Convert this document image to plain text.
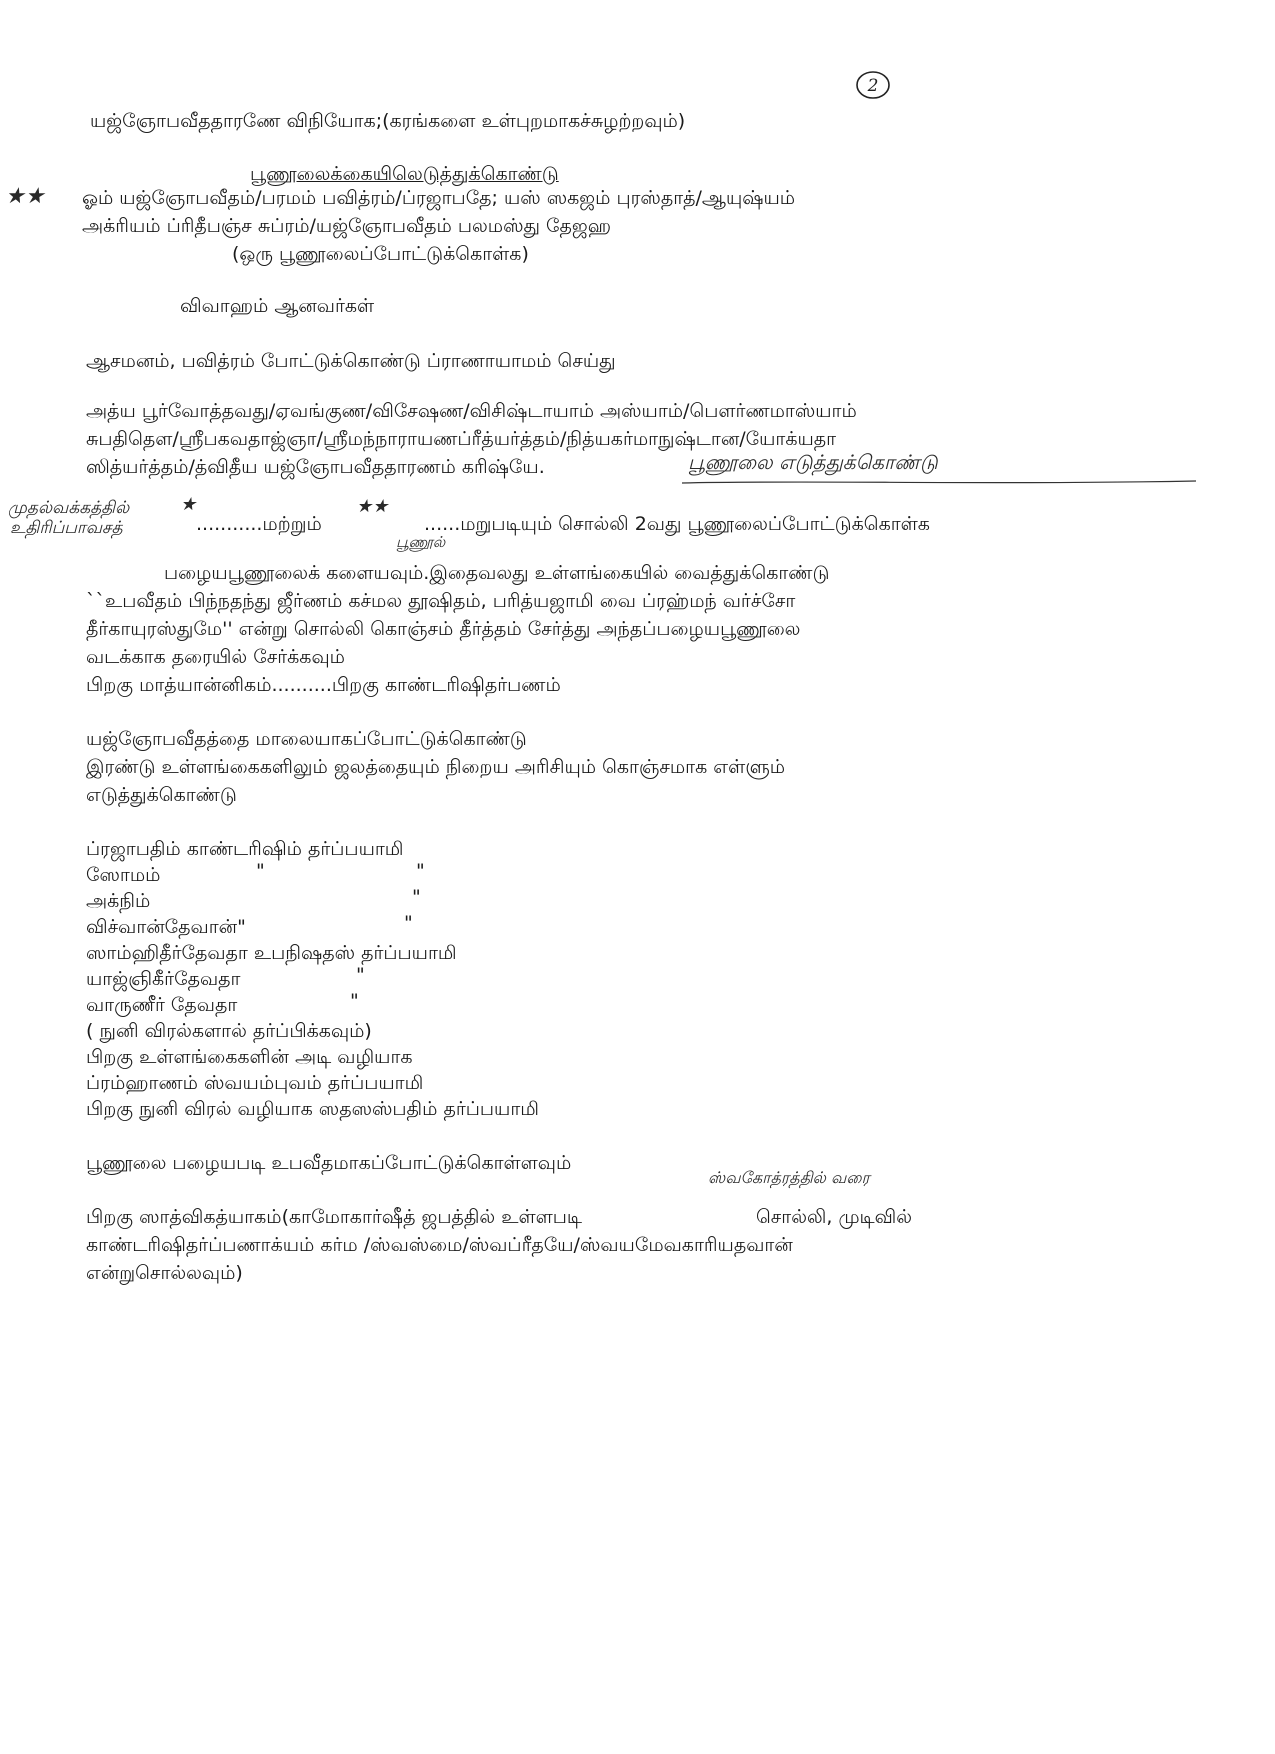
2
யஜ்ஞோபவீததாரணே விநியோக;(கரங்களை உள்புறமாகச்சுழற்றவும்)
பூணூலைக்கையிலெடுத்துக்கொண்டு
★★ ஓம் யஜ்ஞோபவீதம்/பரமம் பவித்ரம்/ப்ரஜாபதே; யஸ் ஸகஜம் புரஸ்தாத்/ஆயுஷ்யம்
அக்ரியம் ப்ரிதீபஞ்ச சுப்ரம்/யஜ்ஞோபவீதம் பலமஸ்து தேஜஹ
(ஒரு பூணூலைப்போட்டுக்கொள்க)
விவாஹம் ஆனவர்கள்
ஆசமனம், பவித்ரம் போட்டுக்கொண்டு ப்ராணாயாமம் செய்து
அத்ய பூர்வோத்தவது/ஏவங்குண/விசேஷண/விசிஷ்டாயாம் அஸ்யாம்/பௌர்ணமாஸ்யாம்
சுபதிதௌ/ஸ்ரீபகவதாஜ்ஞா/ஸ்ரீமந்நாராயணப்ரீத்யர்த்தம்/நித்யகர்மாநுஷ்டான/யோக்யதா
ஸித்யர்த்தம்/த்விதீய யஜ்ஞோபவீததாரணம் கரிஷ்யே.	பூணூலை எடுத்துக்கொண்டு
முதல்வக்கத்தில்	★
உதிரிப்பாவசத்	...........மற்றும்
★★
பூணூல்
......மறுபடியும் சொல்லி 2வது பூணூலைப்போட்டுக்கொள்க
பழையபூணூலைக் களையவும்.இதைவலது உள்ளங்கையில் வைத்துக்கொண்டு
``உபவீதம் பிந்நதந்து ஜீர்ணம் கச்மல தூஷிதம், பரித்யஜாமி வை ப்ரஹ்மந் வர்ச்சோ
தீர்காயுரஸ்துமே'' என்று சொல்லி கொஞ்சம் தீர்த்தம் சேர்த்து அந்தப்பழையபூணூலை
வடக்காக தரையில் சேர்க்கவும்
பிறகு மாத்யான்னிகம்..........பிறகு காண்டரிஷிதர்பணம்
யஜ்ஞோபவீதத்தை மாலையாகப்போட்டுக்கொண்டு
இரண்டு உள்ளங்கைகளிலும் ஜலத்தையும் நிறைய அரிசியும் கொஞ்சமாக எள்ளும்
எடுத்துக்கொண்டு
ப்ரஜாபதிம் காண்டரிஷிம் தர்ப்பயாமி
ஸோமம்	"	"
அக்நிம்	"
விச்வான்தேவான்"	"
ஸாம்ஹிதீர்தேவதா உபநிஷதஸ் தர்ப்பயாமி
யாஜ்ஞிகீர்தேவதா	"
வாருணீர் தேவதா	"
( நுனி விரல்களால் தர்ப்பிக்கவும்)
பிறகு உள்ளங்கைகளின் அடி வழியாக
ப்ரம்ஹாணம் ஸ்வயம்புவம் தர்ப்பயாமி
பிறகு நுனி விரல் வழியாக ஸதஸஸ்பதிம் தர்ப்பயாமி
பூணூலை பழையபடி உபவீதமாகப்போட்டுக்கொள்ளவும்
ஸ்வகோத்ரத்தில் வரை
பிறகு ஸாத்விகத்யாகம்(காமோகார்ஷீத் ஜபத்தில் உள்ளபடி	சொல்லி, முடிவில்
காண்டரிஷிதர்ப்பணாக்யம் கர்ம /ஸ்வஸ்மை/ஸ்வப்ரீதயே/ஸ்வயமேவகாரியதவான்
என்றுசொல்லவும்)
